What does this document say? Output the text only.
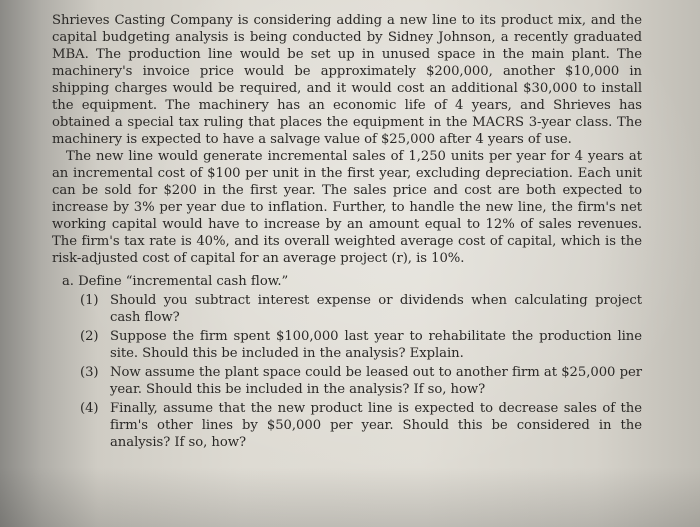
Shrieves Casting Company is considering adding a new line to its product mix, and the capital budgeting analysis is being conducted by Sidney Johnson, a recently graduated MBA. The production line would be set up in unused space in the main plant. The machinery's invoice price would be approximately $200,000, another $10,000 in shipping charges would be required, and it would cost an additional $30,000 to install the equipment. The machinery has an economic life of 4 years, and Shrieves has obtained a special tax ruling that places the equipment in the MACRS 3-year class. The machinery is expected to have a salvage value of $25,000 after 4 years of use.

The new line would generate incremental sales of 1,250 units per year for 4 years at an incremental cost of $100 per unit in the first year, excluding depreciation. Each unit can be sold for $200 in the first year. The sales price and cost are both expected to increase by 3% per year due to inflation. Further, to handle the new line, the firm's net working capital would have to increase by an amount equal to 12% of sales revenues. The firm's tax rate is 40%, and its overall weighted average cost of capital, which is the risk-adjusted cost of capital for an average project (r), is 10%.

a. Define “incremental cash flow.”

(1) Should you subtract interest expense or dividends when calculating project cash flow?
(2) Suppose the firm spent $100,000 last year to rehabilitate the production line site. Should this be included in the analysis? Explain.
(3) Now assume the plant space could be leased out to another firm at $25,000 per year. Should this be included in the analysis? If so, how?
(4) Finally, assume that the new product line is expected to decrease sales of the firm's other lines by $50,000 per year. Should this be considered in the analysis? If so, how?
